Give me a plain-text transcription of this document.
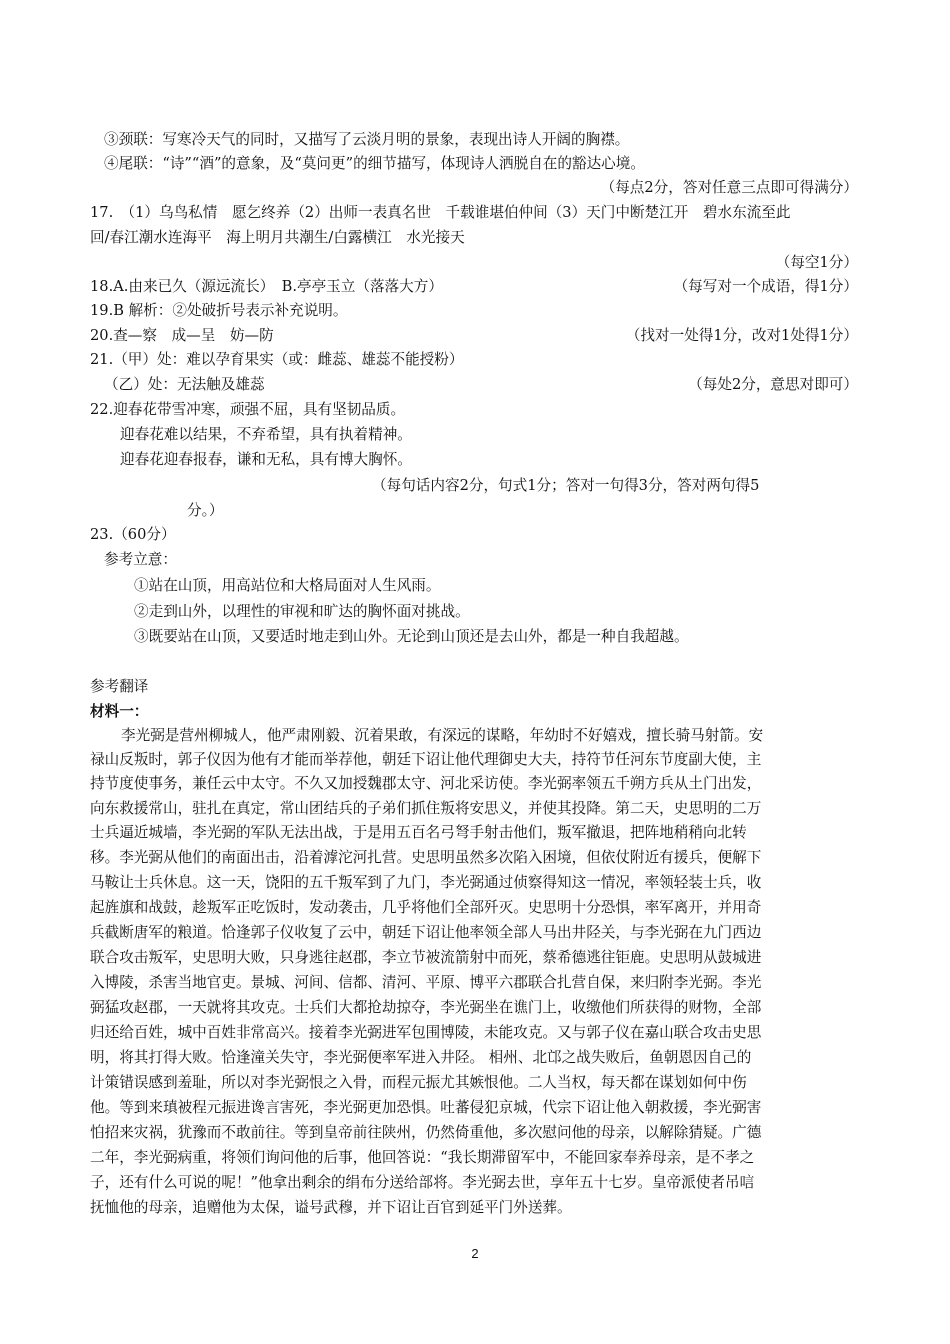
③颈联：写寒冷天气的同时，又描写了云淡月明的景象，表现出诗人开阔的胸襟。
④尾联：“诗”“酒”的意象，及“莫问更”的细节描写，体现诗人洒脱自在的豁达心境。
（每点2分，答对任意三点即可得满分）
17.　（1）乌鸟私情　愿乞终养（2）出师一表真名世　千载谁堪伯仲间（3）天门中断楚江开　碧水东流至此
回/春江潮水连海平　海上明月共潮生/白露横江　水光接天
（每空1分）
18.A.由来已久（源远流长）　B.亭亭玉立（落落大方）	（每写对一个成语，得1分）
19.B 解析：②处破折号表示补充说明。
20.查—察　成—呈　妨—防	（找对一处得1分，改对1处得1分）
21.（甲）处：难以孕育果实（或：雌蕊、雄蕊不能授粉）
（乙）处：无法触及雄蕊	（每处2分，意思对即可）
22.迎春花带雪冲寒，顽强不屈，具有坚韧品质。
迎春花难以结果，不弃希望，具有执着精神。
迎春花迎春报春，谦和无私，具有博大胸怀。
（每句话内容2分，句式1分；答对一句得3分，答对两句得5
分。）
23.（60分）
参考立意：
①站在山顶，用高站位和大格局面对人生风雨。
②走到山外，以理性的审视和旷达的胸怀面对挑战。
③既要站在山顶，又要适时地走到山外。无论到山顶还是去山外，都是一种自我超越。
参考翻译
材料一：
李光弼是营州柳城人，他严肃刚毅、沉着果敢，有深远的谋略，年幼时不好嬉戏，擅长骑马射箭。安
禄山反叛时，郭子仪因为他有才能而举荐他，朝廷下诏让他代理御史大夫，持符节任河东节度副大使，主
持节度使事务，兼任云中太守。不久又加授魏郡太守、河北采访使。李光弼率领五千朔方兵从土门出发，
向东救援常山，驻扎在真定，常山团结兵的子弟们抓住叛将安思义，并使其投降。第二天，史思明的二万
士兵逼近城墙，李光弼的军队无法出战，于是用五百名弓弩手射击他们，叛军撤退，把阵地稍稍向北转
移。李光弼从他们的南面出击，沿着滹沱河扎营。史思明虽然多次陷入困境，但依仗附近有援兵，便解下
马鞍让士兵休息。这一天，饶阳的五千叛军到了九门，李光弼通过侦察得知这一情况，率领轻装士兵，收
起旌旗和战鼓，趁叛军正吃饭时，发动袭击，几乎将他们全部歼灭。史思明十分恐惧，率军离开，并用奇
兵截断唐军的粮道。恰逢郭子仪收复了云中，朝廷下诏让他率领全部人马出井陉关，与李光弼在九门西边
联合攻击叛军，史思明大败，只身逃往赵郡，李立节被流箭射中而死，蔡希德逃往钜鹿。史思明从鼓城进
入博陵，杀害当地官吏。景城、河间、信都、清河、平原、博平六郡联合扎营自保，来归附李光弼。李光
弼猛攻赵郡，一天就将其攻克。士兵们大都抢劫掠夺，李光弼坐在谯门上，收缴他们所获得的财物，全部
归还给百姓，城中百姓非常高兴。接着李光弼进军包围博陵，未能攻克。又与郭子仪在嘉山联合攻击史思
明，将其打得大败。恰逢潼关失守，李光弼便率军进入井陉。 相州、北邙之战失败后，鱼朝恩因自己的
计策错误感到羞耻，所以对李光弼恨之入骨，而程元振尤其嫉恨他。二人当权，每天都在谋划如何中伤
他。等到来瑱被程元振进谗言害死，李光弼更加恐惧。吐蕃侵犯京城，代宗下诏让他入朝救援，李光弼害
怕招来灾祸，犹豫而不敢前往。等到皇帝前往陕州，仍然倚重他，多次慰问他的母亲，以解除猜疑。广德
二年，李光弼病重，将领们询问他的后事，他回答说：“我长期滞留军中，不能回家奉养母亲，是不孝之
子，还有什么可说的呢！”他拿出剩余的绢布分送给部将。李光弼去世，享年五十七岁。皇帝派使者吊唁
抚恤他的母亲，追赠他为太保，谥号武穆，并下诏让百官到延平门外送葬。
2
